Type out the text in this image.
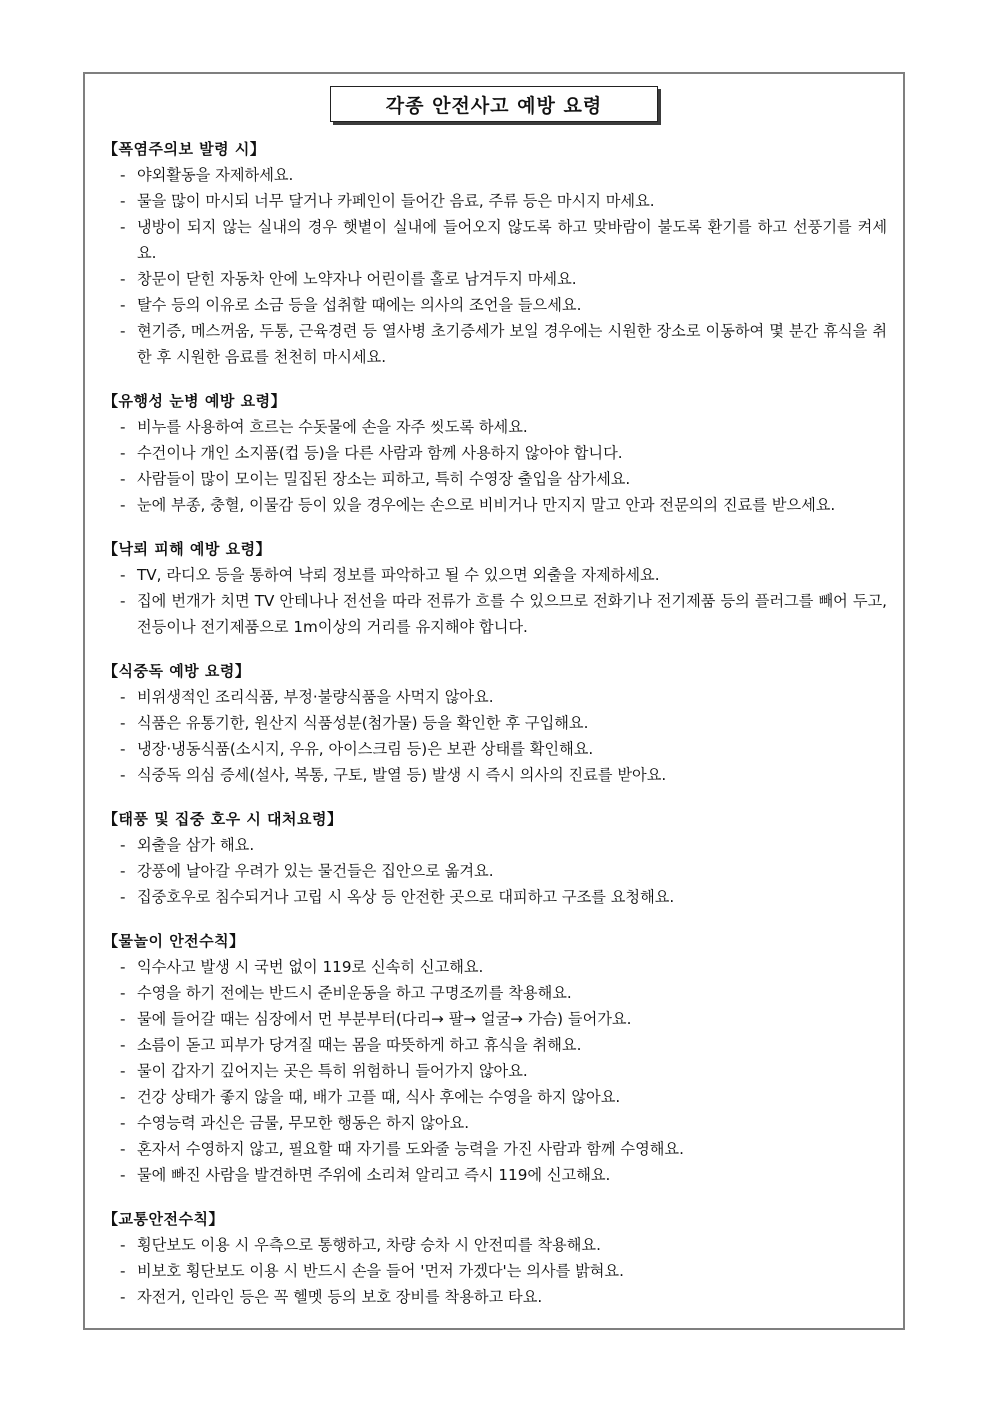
각종 안전사고 예방 요령
【폭염주의보 발령 시】
- 야외활동을 자제하세요.
- 물을 많이 마시되 너무 달거나 카페인이 들어간 음료, 주류 등은 마시지 마세요.
- 냉방이 되지 않는 실내의 경우 햇볕이 실내에 들어오지 않도록 하고 맞바람이 불도록 환기를 하고 선풍기를 켜세요.
- 창문이 닫힌 자동차 안에 노약자나 어린이를 홀로 남겨두지 마세요.
- 탈수 등의 이유로 소금 등을 섭취할 때에는 의사의 조언을 들으세요.
- 현기증, 메스꺼움, 두통, 근육경련 등 열사병 초기증세가 보일 경우에는 시원한 장소로 이동하여 몇 분간 휴식을 취한 후 시원한 음료를 천천히 마시세요.
【유행성 눈병 예방 요령】
- 비누를 사용하여 흐르는 수돗물에 손을 자주 씻도록 하세요.
- 수건이나 개인 소지품(컵 등)을 다른 사람과 함께 사용하지 않아야 합니다.
- 사람들이 많이 모이는 밀집된 장소는 피하고, 특히 수영장 출입을 삼가세요.
- 눈에 부종, 충혈, 이물감 등이 있을 경우에는 손으로 비비거나 만지지 말고 안과 전문의의 진료를 받으세요.
【낙뢰 피해 예방 요령】
- TV, 라디오 등을 통하여 낙뢰 정보를 파악하고 될 수 있으면 외출을 자제하세요.
- 집에 번개가 치면 TV 안테나나 전선을 따라 전류가 흐를 수 있으므로 전화기나 전기제품 등의 플러그를 빼어 두고, 전등이나 전기제품으로 1m이상의 거리를 유지해야 합니다.
【식중독 예방 요령】
- 비위생적인 조리식품, 부정·불량식품을 사먹지 않아요.
- 식품은 유통기한, 원산지 식품성분(첨가물) 등을 확인한 후 구입해요.
- 냉장·냉동식품(소시지, 우유, 아이스크림 등)은 보관 상태를 확인해요.
- 식중독 의심 증세(설사, 복통, 구토, 발열 등) 발생 시 즉시 의사의 진료를 받아요.
【태풍 및 집중 호우 시 대처요령】
- 외출을 삼가 해요.
- 강풍에 날아갈 우려가 있는 물건들은 집안으로 옮겨요.
- 집중호우로 침수되거나 고립 시 옥상 등 안전한 곳으로 대피하고 구조를 요청해요.
【물놀이 안전수칙】
- 익수사고 발생 시 국번 없이 119로 신속히 신고해요.
- 수영을 하기 전에는 반드시 준비운동을 하고 구명조끼를 착용해요.
- 물에 들어갈 때는 심장에서 먼 부분부터(다리→ 팔→ 얼굴→ 가슴) 들어가요.
- 소름이 돋고 피부가 당겨질 때는 몸을 따뜻하게 하고 휴식을 취해요.
- 물이 갑자기 깊어지는 곳은 특히 위험하니 들어가지 않아요.
- 건강 상태가 좋지 않을 때, 배가 고플 때, 식사 후에는 수영을 하지 않아요.
- 수영능력 과신은 금물, 무모한 행동은 하지 않아요.
- 혼자서 수영하지 않고, 필요할 때 자기를 도와줄 능력을 가진 사람과 함께 수영해요.
- 물에 빠진 사람을 발견하면 주위에 소리쳐 알리고 즉시 119에 신고해요.
【교통안전수칙】
- 횡단보도 이용 시 우측으로 통행하고, 차량 승차 시 안전띠를 착용해요.
- 비보호 횡단보도 이용 시 반드시 손을 들어 '먼저 가겠다'는 의사를 밝혀요.
- 자전거, 인라인 등은 꼭 헬멧 등의 보호 장비를 착용하고 타요.
